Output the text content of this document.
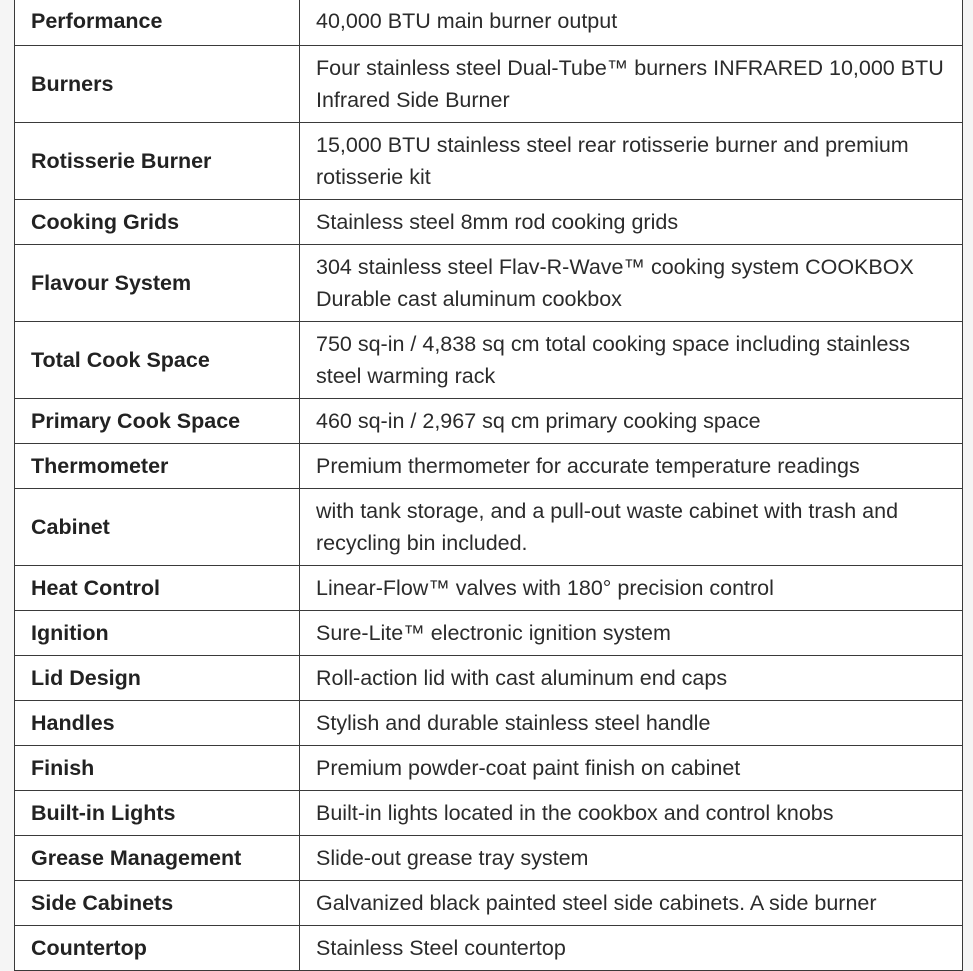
Performance	40,000 BTU main burner output
Burners	Four stainless steel Dual-Tube™ burners INFRARED 10,000 BTU Infrared Side Burner
Rotisserie Burner	15,000 BTU stainless steel rear rotisserie burner and premium rotisserie kit
Cooking Grids	Stainless steel 8mm rod cooking grids
Flavour System	304 stainless steel Flav-R-Wave™ cooking system COOKBOX Durable cast aluminum cookbox
Total Cook Space	750 sq-in / 4,838 sq cm total cooking space including stainless steel warming rack
Primary Cook Space	460 sq-in / 2,967 sq cm primary cooking space
Thermometer	Premium thermometer for accurate temperature readings
Cabinet	with tank storage, and a pull-out waste cabinet with trash and recycling bin included.
Heat Control	Linear-Flow™ valves with 180° precision control
Ignition	Sure-Lite™ electronic ignition system
Lid Design	Roll-action lid with cast aluminum end caps
Handles	Stylish and durable stainless steel handle
Finish	Premium powder-coat paint finish on cabinet
Built-in Lights	Built-in lights located in the cookbox and control knobs
Grease Management	Slide-out grease tray system
Side Cabinets	Galvanized black painted steel side cabinets. A side burner
Countertop	Stainless Steel countertop
